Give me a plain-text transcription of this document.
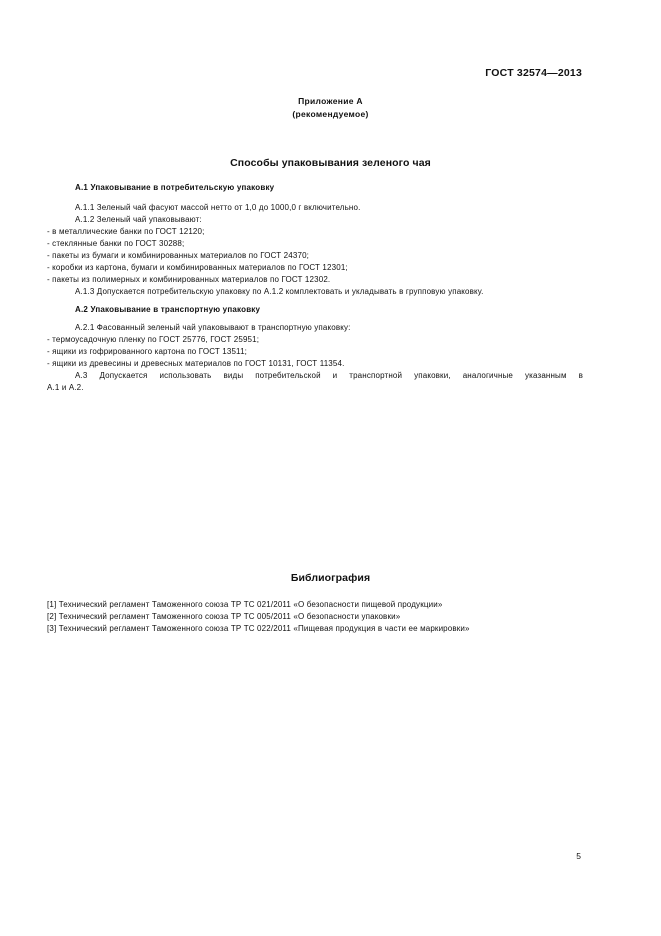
ГОСТ 32574—2013
Приложение А
(рекомендуемое)
Способы упаковывания зеленого чая
А.1 Упаковывание в потребительскую упаковку
А.1.1 Зеленый чай фасуют массой нетто от 1,0 до 1000,0 г включительно.
А.1.2 Зеленый чай упаковывают:
- в металлические банки по ГОСТ 12120;
- стеклянные банки по ГОСТ 30288;
- пакеты из бумаги и комбинированных материалов по ГОСТ 24370;
- коробки из картона, бумаги и комбинированных материалов по ГОСТ 12301;
- пакеты из полимерных и комбинированных материалов по ГОСТ 12302.
А.1.3 Допускается потребительскую упаковку по А.1.2 комплектовать и укладывать в групповую упаковку.
А.2 Упаковывание в транспортную упаковку
А.2.1 Фасованный зеленый чай упаковывают в транспортную упаковку:
- термоусадочную пленку по ГОСТ 25776, ГОСТ 25951;
- ящики из гофрированного картона по ГОСТ 13511;
- ящики из древесины и древесных материалов по ГОСТ 10131, ГОСТ 11354.
А.3 Допускается использовать виды потребительской и транспортной упаковки, аналогичные указанным в
А.1 и А.2.
Библиография
[1] Технический регламент Таможенного союза ТР ТС 021/2011 «О безопасности пищевой продукции»
[2] Технический регламент Таможенного союза ТР ТС 005/2011 «О безопасности упаковки»
[3] Технический регламент Таможенного союза ТР ТС 022/2011 «Пищевая продукция в части ее маркировки»
5
